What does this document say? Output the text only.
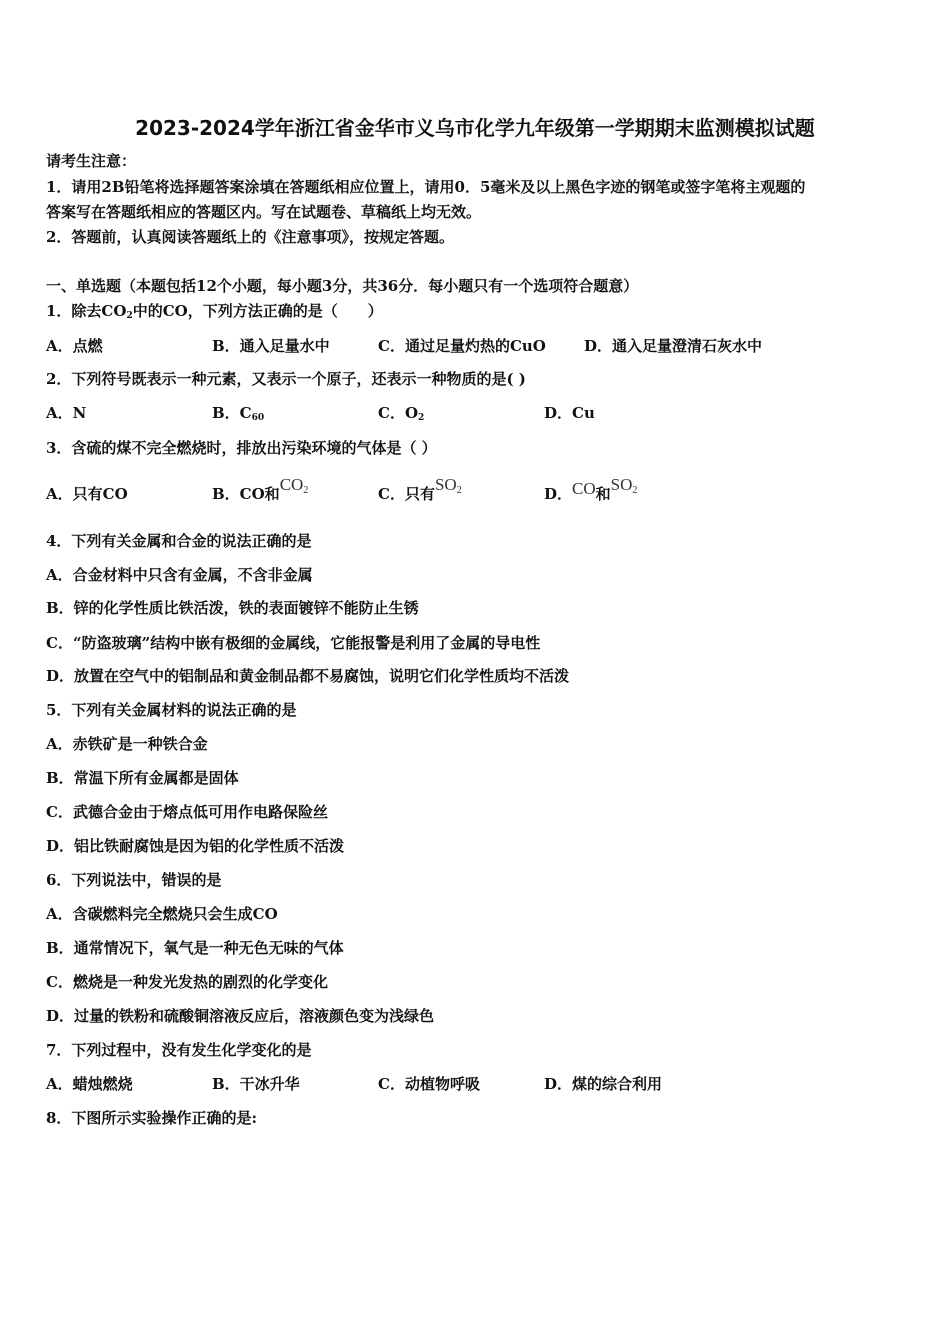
2023-2024学年浙江省金华市义乌市化学九年级第一学期期末监测模拟试题
请考生注意：
1．请用2B铅笔将选择题答案涂填在答题纸相应位置上，请用0．5毫米及以上黑色字迹的钢笔或签字笔将主观题的
答案写在答题纸相应的答题区内。写在试题卷、草稿纸上均无效。
2．答题前，认真阅读答题纸上的《注意事项》，按规定答题。
一、单选题（本题包括12个小题，每小题3分，共36分．每小题只有一个选项符合题意）
1．除去$CO_2$中的CO，下列方法正确的是（　　）
A．点燃	B．通入足量水中	C．通过足量灼热的CuO	D．通入足量澄清石灰水中
2．下列符号既表示一种元素，又表示一个原子，还表示一种物质的是( )
A．N	B．$C_{60}$	C．$O_2$	D．Cu
3．含硫的煤不完全燃烧时，排放出污染环境的气体是（ ）
A．只有CO	B．CO和$CO_2$	C．只有$SO_2$	D．CO和$SO_2$
4．下列有关金属和合金的说法正确的是
A．合金材料中只含有金属，不含非金属
B．锌的化学性质比铁活泼，铁的表面镀锌不能防止生锈
C．“防盗玻璃”结构中嵌有极细的金属线，它能报警是利用了金属的导电性
D．放置在空气中的铝制品和黄金制品都不易腐蚀，说明它们化学性质均不活泼
5．下列有关金属材料的说法正确的是
A．赤铁矿是一种铁合金
B．常温下所有金属都是固体
C．武德合金由于熔点低可用作电路保险丝
D．铝比铁耐腐蚀是因为铝的化学性质不活泼
6．下列说法中，错误的是
A．含碳燃料完全燃烧只会生成CO
B．通常情况下，氧气是一种无色无味的气体
C．燃烧是一种发光发热的剧烈的化学变化
D．过量的铁粉和硫酸铜溶液反应后，溶液颜色变为浅绿色
7．下列过程中，没有发生化学变化的是
A．蜡烛燃烧	B．干冰升华	C．动植物呼吸	D．煤的综合利用
8．下图所示实验操作正确的是:
